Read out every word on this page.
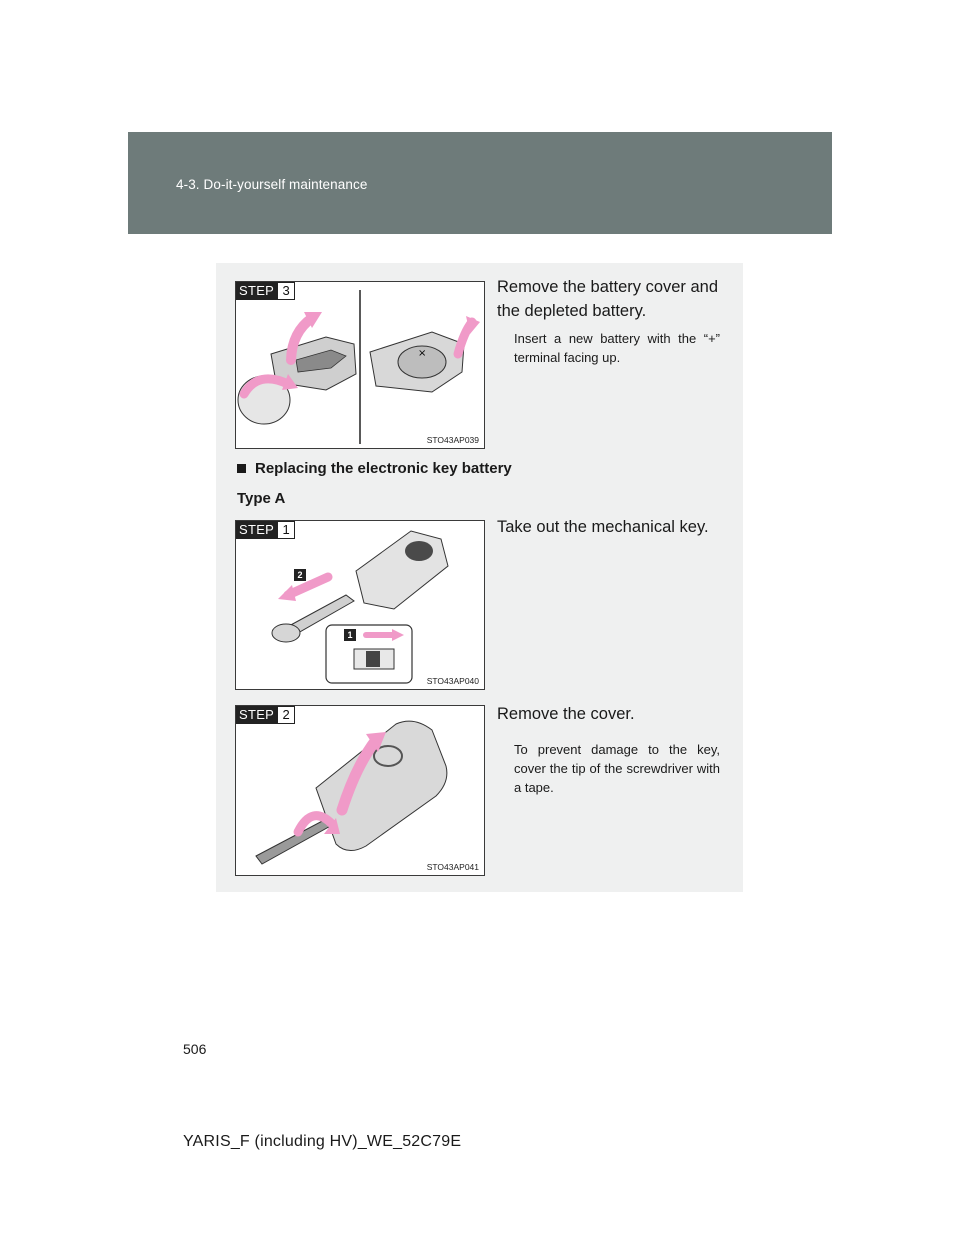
4-3. Do-it-yourself maintenance
×
STEP 3
STO43AP039
Remove the battery cover and the depleted battery.
Insert a new battery with the “+” terminal facing up.
Replacing the electronic key battery
Type A
STEP 1
2
1
STO43AP040
Take out the mechanical key.
STEP 2
STO43AP041
Remove the cover.
To prevent damage to the key, cover the tip of the screwdriver with a tape.
506
YARIS_F (including HV)_WE_52C79E
